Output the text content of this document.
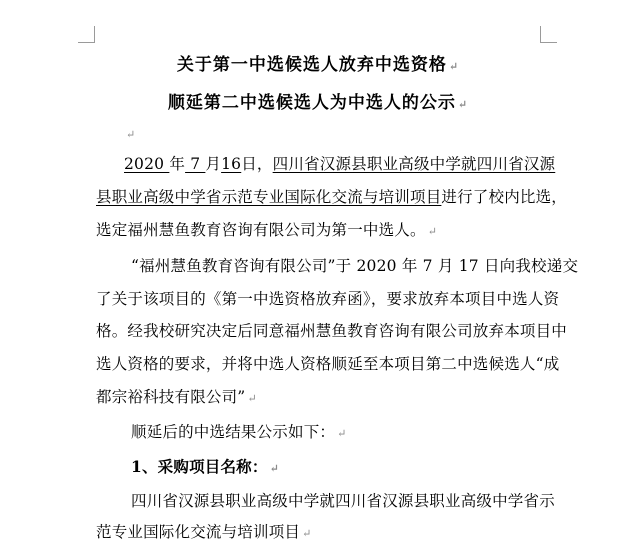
关于第一中选候选人放弃中选资格 ↵
顺延第二中选候选人为中选人的公示 ↵
↵
2020 年 7 月16日，四川省汉源县职业高级中学就四川省汉源
县职业高级中学省示范专业国际化交流与培训项目进行了校内比选，
选定福州慧鱼教育咨询有限公司为第一中选人。 ↵
“福州慧鱼教育咨询有限公司”于 2020 年 7 月 17 日向我校递交
了关于该项目的《第一中选资格放弃函》，要求放弃本项目中选人资
格。经我校研究决定后同意福州慧鱼教育咨询有限公司放弃本项目中
选人资格的要求，并将中选人资格顺延至本项目第二中选候选人“成
都宗裕科技有限公司” ↵
顺延后的中选结果公示如下： ↵
1、采购项目名称： ↵
四川省汉源县职业高级中学就四川省汉源县职业高级中学省示
范专业国际化交流与培训项目 ↵
